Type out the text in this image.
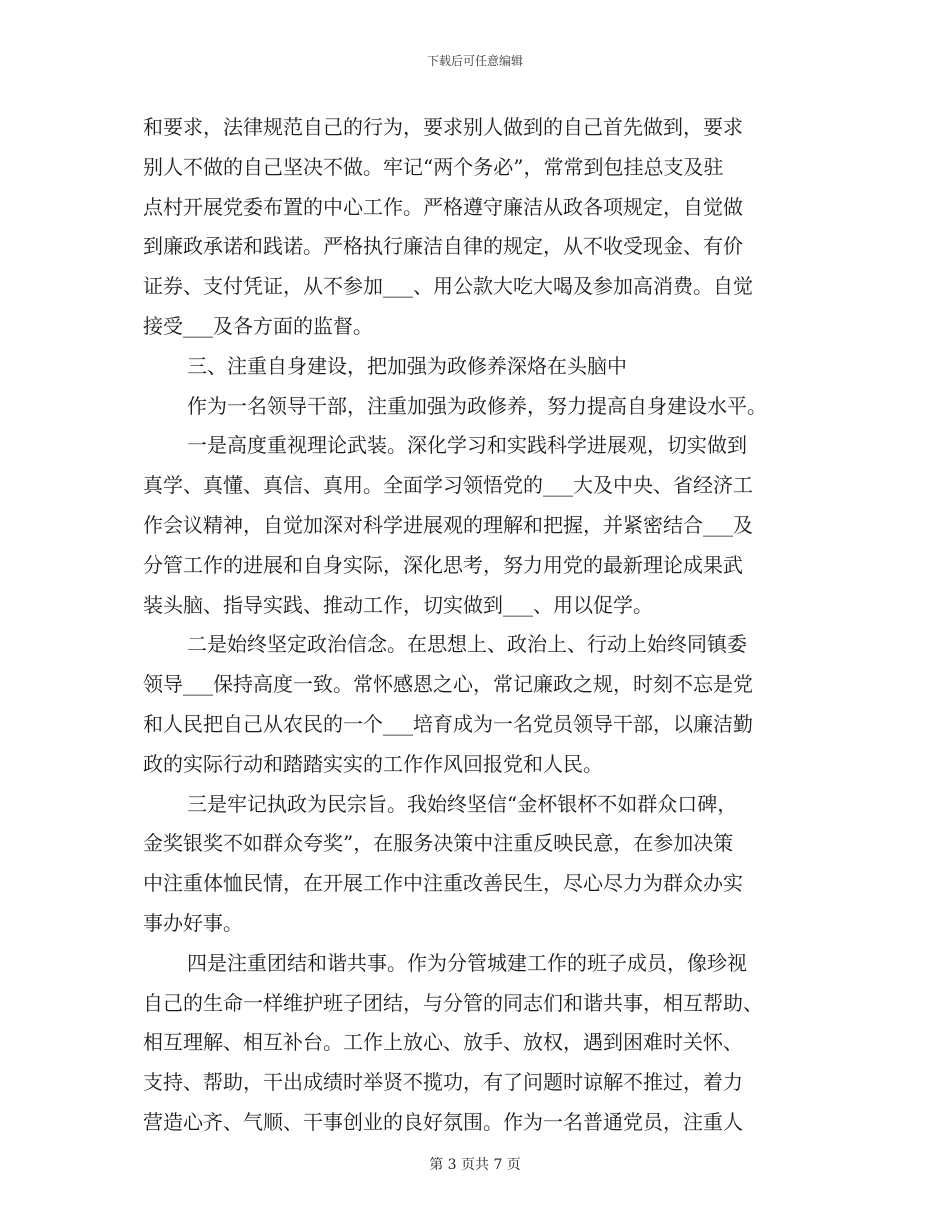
下载后可任意编辑
和要求，法律规范自己的行为，要求别人做到的自己首先做到，要求
别人不做的自己坚决不做。牢记“两个务必”，常常到包挂总支及驻
点村开展党委布置的中心工作。严格遵守廉洁从政各项规定，自觉做
到廉政承诺和践诺。严格执行廉洁自律的规定，从不收受现金、有价
证券、支付凭证，从不参加___、用公款大吃大喝及参加高消费。自觉
接受___及各方面的监督。
三、注重自身建设，把加强为政修养深烙在头脑中
作为一名领导干部，注重加强为政修养，努力提高自身建设水平。
一是高度重视理论武装。深化学习和实践科学进展观，切实做到
真学、真懂、真信、真用。全面学习领悟党的___大及中央、省经济工
作会议精神，自觉加深对科学进展观的理解和把握，并紧密结合___及
分管工作的进展和自身实际，深化思考，努力用党的最新理论成果武
装头脑、指导实践、推动工作，切实做到___、用以促学。
二是始终坚定政治信念。在思想上、政治上、行动上始终同镇委
领导___保持高度一致。常怀感恩之心，常记廉政之规，时刻不忘是党
和人民把自己从农民的一个___培育成为一名党员领导干部，以廉洁勤
政的实际行动和踏踏实实的工作作风回报党和人民。
三是牢记执政为民宗旨。我始终坚信“金杯银杯不如群众口碑，
金奖银奖不如群众夸奖”，在服务决策中注重反映民意，在参加决策
中注重体恤民情，在开展工作中注重改善民生，尽心尽力为群众办实
事办好事。
四是注重团结和谐共事。作为分管城建工作的班子成员，像珍视
自己的生命一样维护班子团结，与分管的同志们和谐共事，相互帮助、
相互理解、相互补台。工作上放心、放手、放权，遇到困难时关怀、
支持、帮助，干出成绩时举贤不揽功，有了问题时谅解不推过，着力
营造心齐、气顺、干事创业的良好氛围。作为一名普通党员，注重人
第 3 页共 7 页
